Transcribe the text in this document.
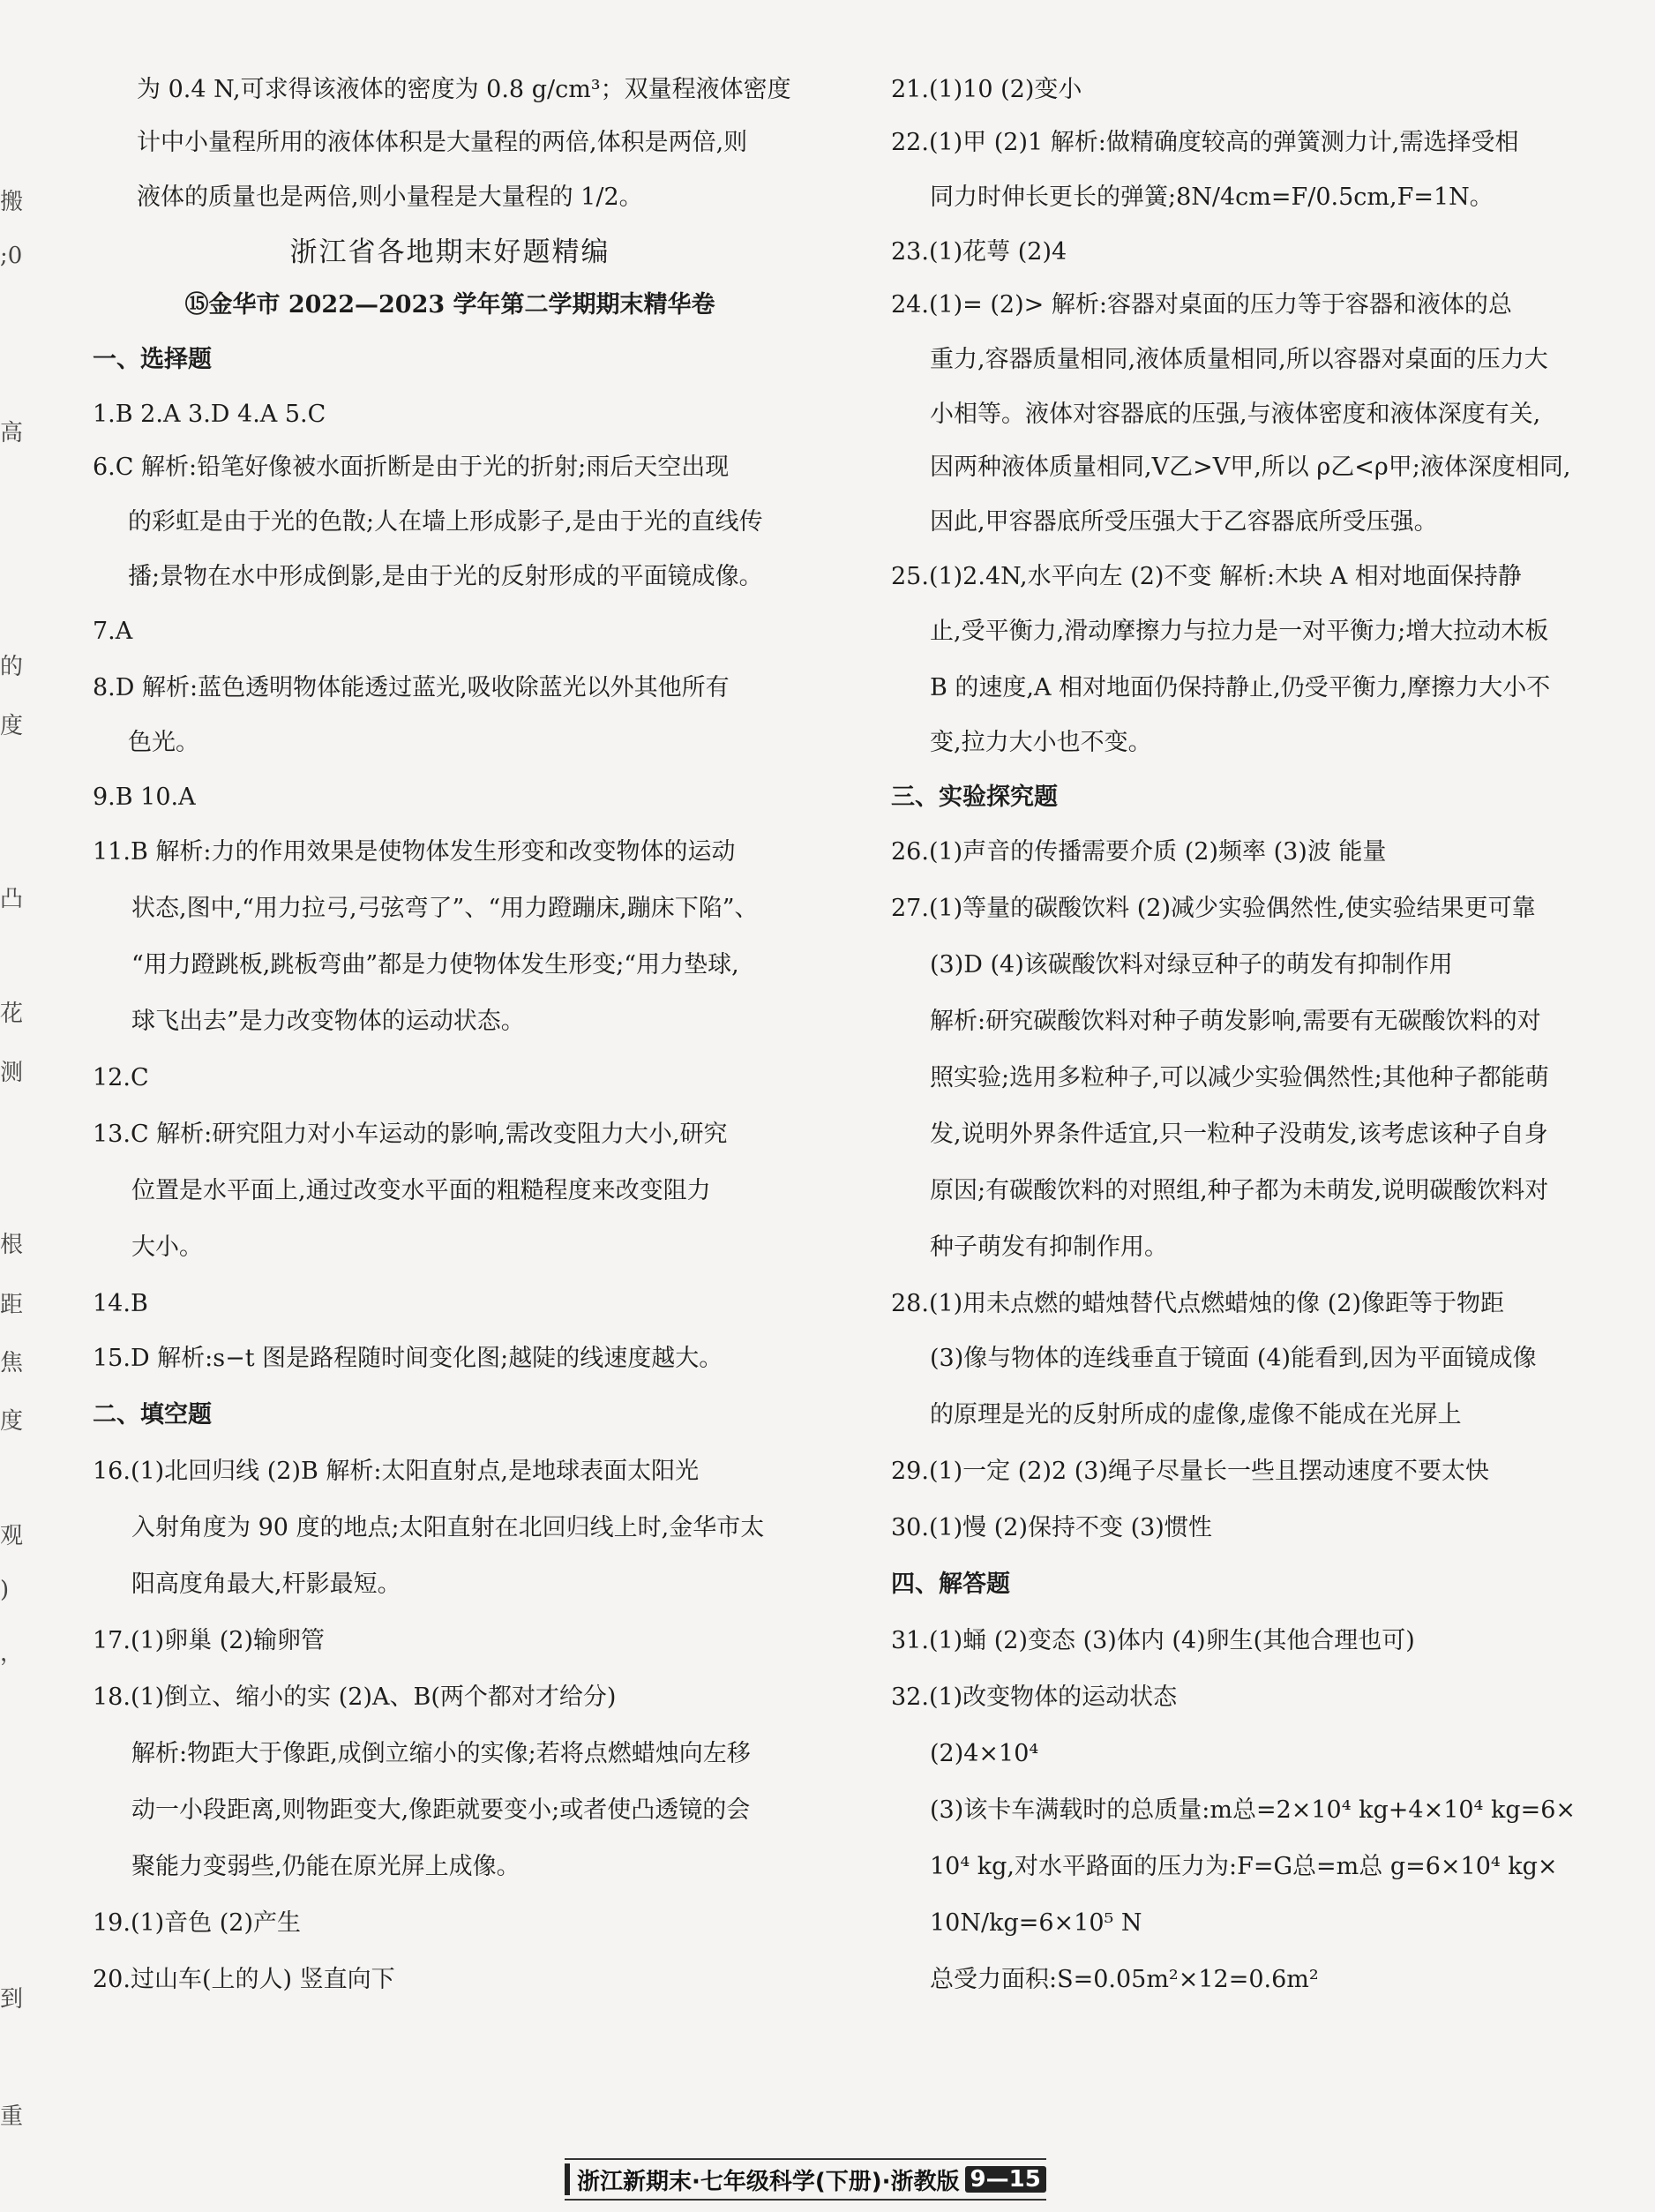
搬
;0
高
的
度
凸
花
测
根
距
焦
度
观
)
，
到
重
为 0.4 N,可求得该液体的密度为 0.8 g/cm³；双量程液体密度
计中小量程所用的液体体积是大量程的两倍,体积是两倍,则
液体的质量也是两倍,则小量程是大量程的 1/2。
浙江省各地期末好题精编
⑮金华市 2022—2023 学年第二学期期末精华卷
一、选择题
1.B 2.A 3.D 4.A 5.C
6.C 解析:铅笔好像被水面折断是由于光的折射;雨后天空出现
的彩虹是由于光的色散;人在墙上形成影子,是由于光的直线传
播;景物在水中形成倒影,是由于光的反射形成的平面镜成像。
7.A
8.D 解析:蓝色透明物体能透过蓝光,吸收除蓝光以外其他所有
色光。
9.B 10.A
11.B 解析:力的作用效果是使物体发生形变和改变物体的运动
状态,图中,“用力拉弓,弓弦弯了”、“用力蹬蹦床,蹦床下陷”、
“用力蹬跳板,跳板弯曲”都是力使物体发生形变;“用力垫球,
球飞出去”是力改变物体的运动状态。
12.C
13.C 解析:研究阻力对小车运动的影响,需改变阻力大小,研究
位置是水平面上,通过改变水平面的粗糙程度来改变阻力
大小。
14.B
15.D 解析:s−t 图是路程随时间变化图;越陡的线速度越大。
二、填空题
16.(1)北回归线 (2)B 解析:太阳直射点,是地球表面太阳光
入射角度为 90 度的地点;太阳直射在北回归线上时,金华市太
阳高度角最大,杆影最短。
17.(1)卵巢 (2)输卵管
18.(1)倒立、缩小的实 (2)A、B(两个都对才给分)
解析:物距大于像距,成倒立缩小的实像;若将点燃蜡烛向左移
动一小段距离,则物距变大,像距就要变小;或者使凸透镜的会
聚能力变弱些,仍能在原光屏上成像。
19.(1)音色 (2)产生
20.过山车(上的人) 竖直向下
21.(1)10 (2)变小
22.(1)甲 (2)1 解析:做精确度较高的弹簧测力计,需选择受相
同力时伸长更长的弹簧;8N/4cm=F/0.5cm,F=1N。
23.(1)花萼 (2)4
24.(1)= (2)> 解析:容器对桌面的压力等于容器和液体的总
重力,容器质量相同,液体质量相同,所以容器对桌面的压力大
小相等。液体对容器底的压强,与液体密度和液体深度有关,
因两种液体质量相同,V乙>V甲,所以 ρ乙<ρ甲;液体深度相同,
因此,甲容器底所受压强大于乙容器底所受压强。
25.(1)2.4N,水平向左 (2)不变 解析:木块 A 相对地面保持静
止,受平衡力,滑动摩擦力与拉力是一对平衡力;增大拉动木板
B 的速度,A 相对地面仍保持静止,仍受平衡力,摩擦力大小不
变,拉力大小也不变。
三、实验探究题
26.(1)声音的传播需要介质 (2)频率 (3)波 能量
27.(1)等量的碳酸饮料 (2)减少实验偶然性,使实验结果更可靠
(3)D (4)该碳酸饮料对绿豆种子的萌发有抑制作用
解析:研究碳酸饮料对种子萌发影响,需要有无碳酸饮料的对
照实验;选用多粒种子,可以减少实验偶然性;其他种子都能萌
发,说明外界条件适宜,只一粒种子没萌发,该考虑该种子自身
原因;有碳酸饮料的对照组,种子都为未萌发,说明碳酸饮料对
种子萌发有抑制作用。
28.(1)用未点燃的蜡烛替代点燃蜡烛的像 (2)像距等于物距
(3)像与物体的连线垂直于镜面 (4)能看到,因为平面镜成像
的原理是光的反射所成的虚像,虚像不能成在光屏上
29.(1)一定 (2)2 (3)绳子尽量长一些且摆动速度不要太快
30.(1)慢 (2)保持不变 (3)惯性
四、解答题
31.(1)蛹 (2)变态 (3)体内 (4)卵生(其他合理也可)
32.(1)改变物体的运动状态
(2)4×10⁴
(3)该卡车满载时的总质量:m总=2×10⁴ kg+4×10⁴ kg=6×
10⁴ kg,对水平路面的压力为:F=G总=m总 g=6×10⁴ kg×
10N/kg=6×10⁵ N
总受力面积:S=0.05m²×12=0.6m²
浙江新期末·七年级科学(下册)·浙教版 9—15
